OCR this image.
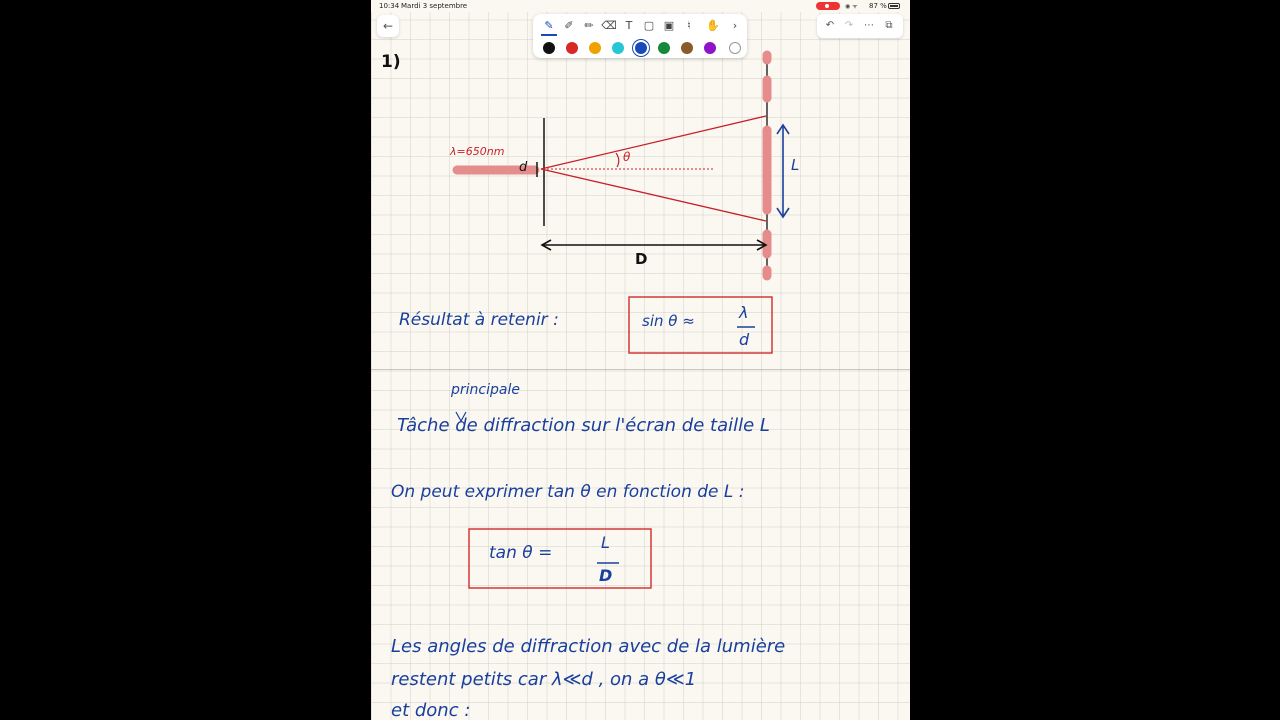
10:34 Mardi 3 septembre	◉ ᯤ 87 %
←	✎ ✐ ✏ ⌫ T	▢ ▣	♮	✋	›	↶ ↷ ⋯	⧉
1)
λ=650nm
d
θ	L
D
Résultat à retenir :	sin θ ≈	λ
d
principale
Tâche de diffraction sur l'écran de taille L
On peut exprimer tan θ en fonction de L :
tan θ =
L
D
Les angles de diffraction avec de la lumière
restent petits car λ≪d , on a θ≪1
et donc :
